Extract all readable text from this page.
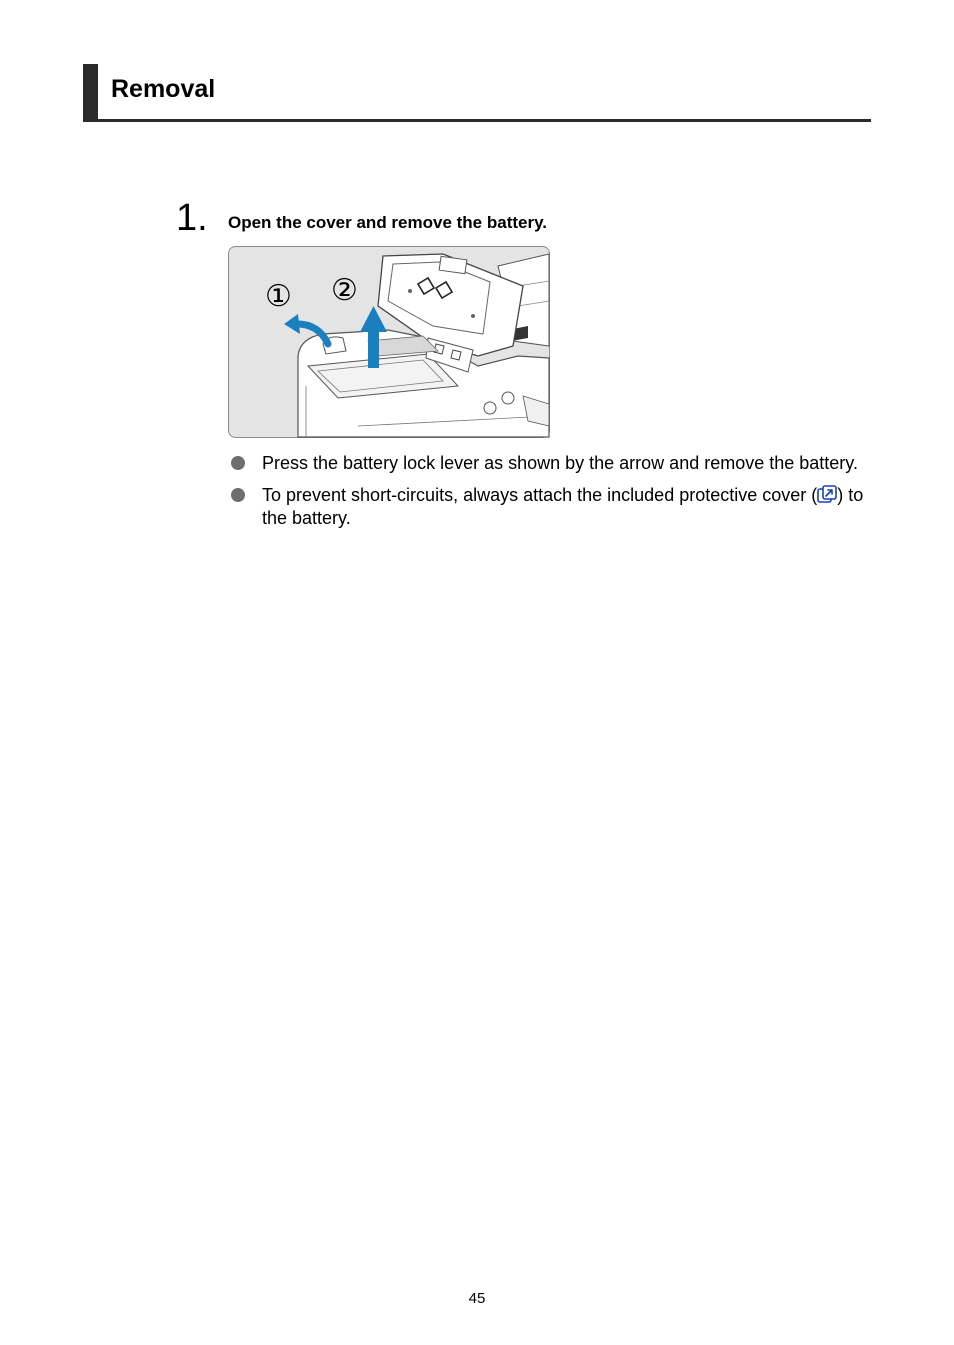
Removal
1. Open the cover and remove the battery.
① ②
Press the battery lock lever as shown by the arrow and remove the battery.
To prevent short-circuits, always attach the included protective cover ( ) to the battery.
45
